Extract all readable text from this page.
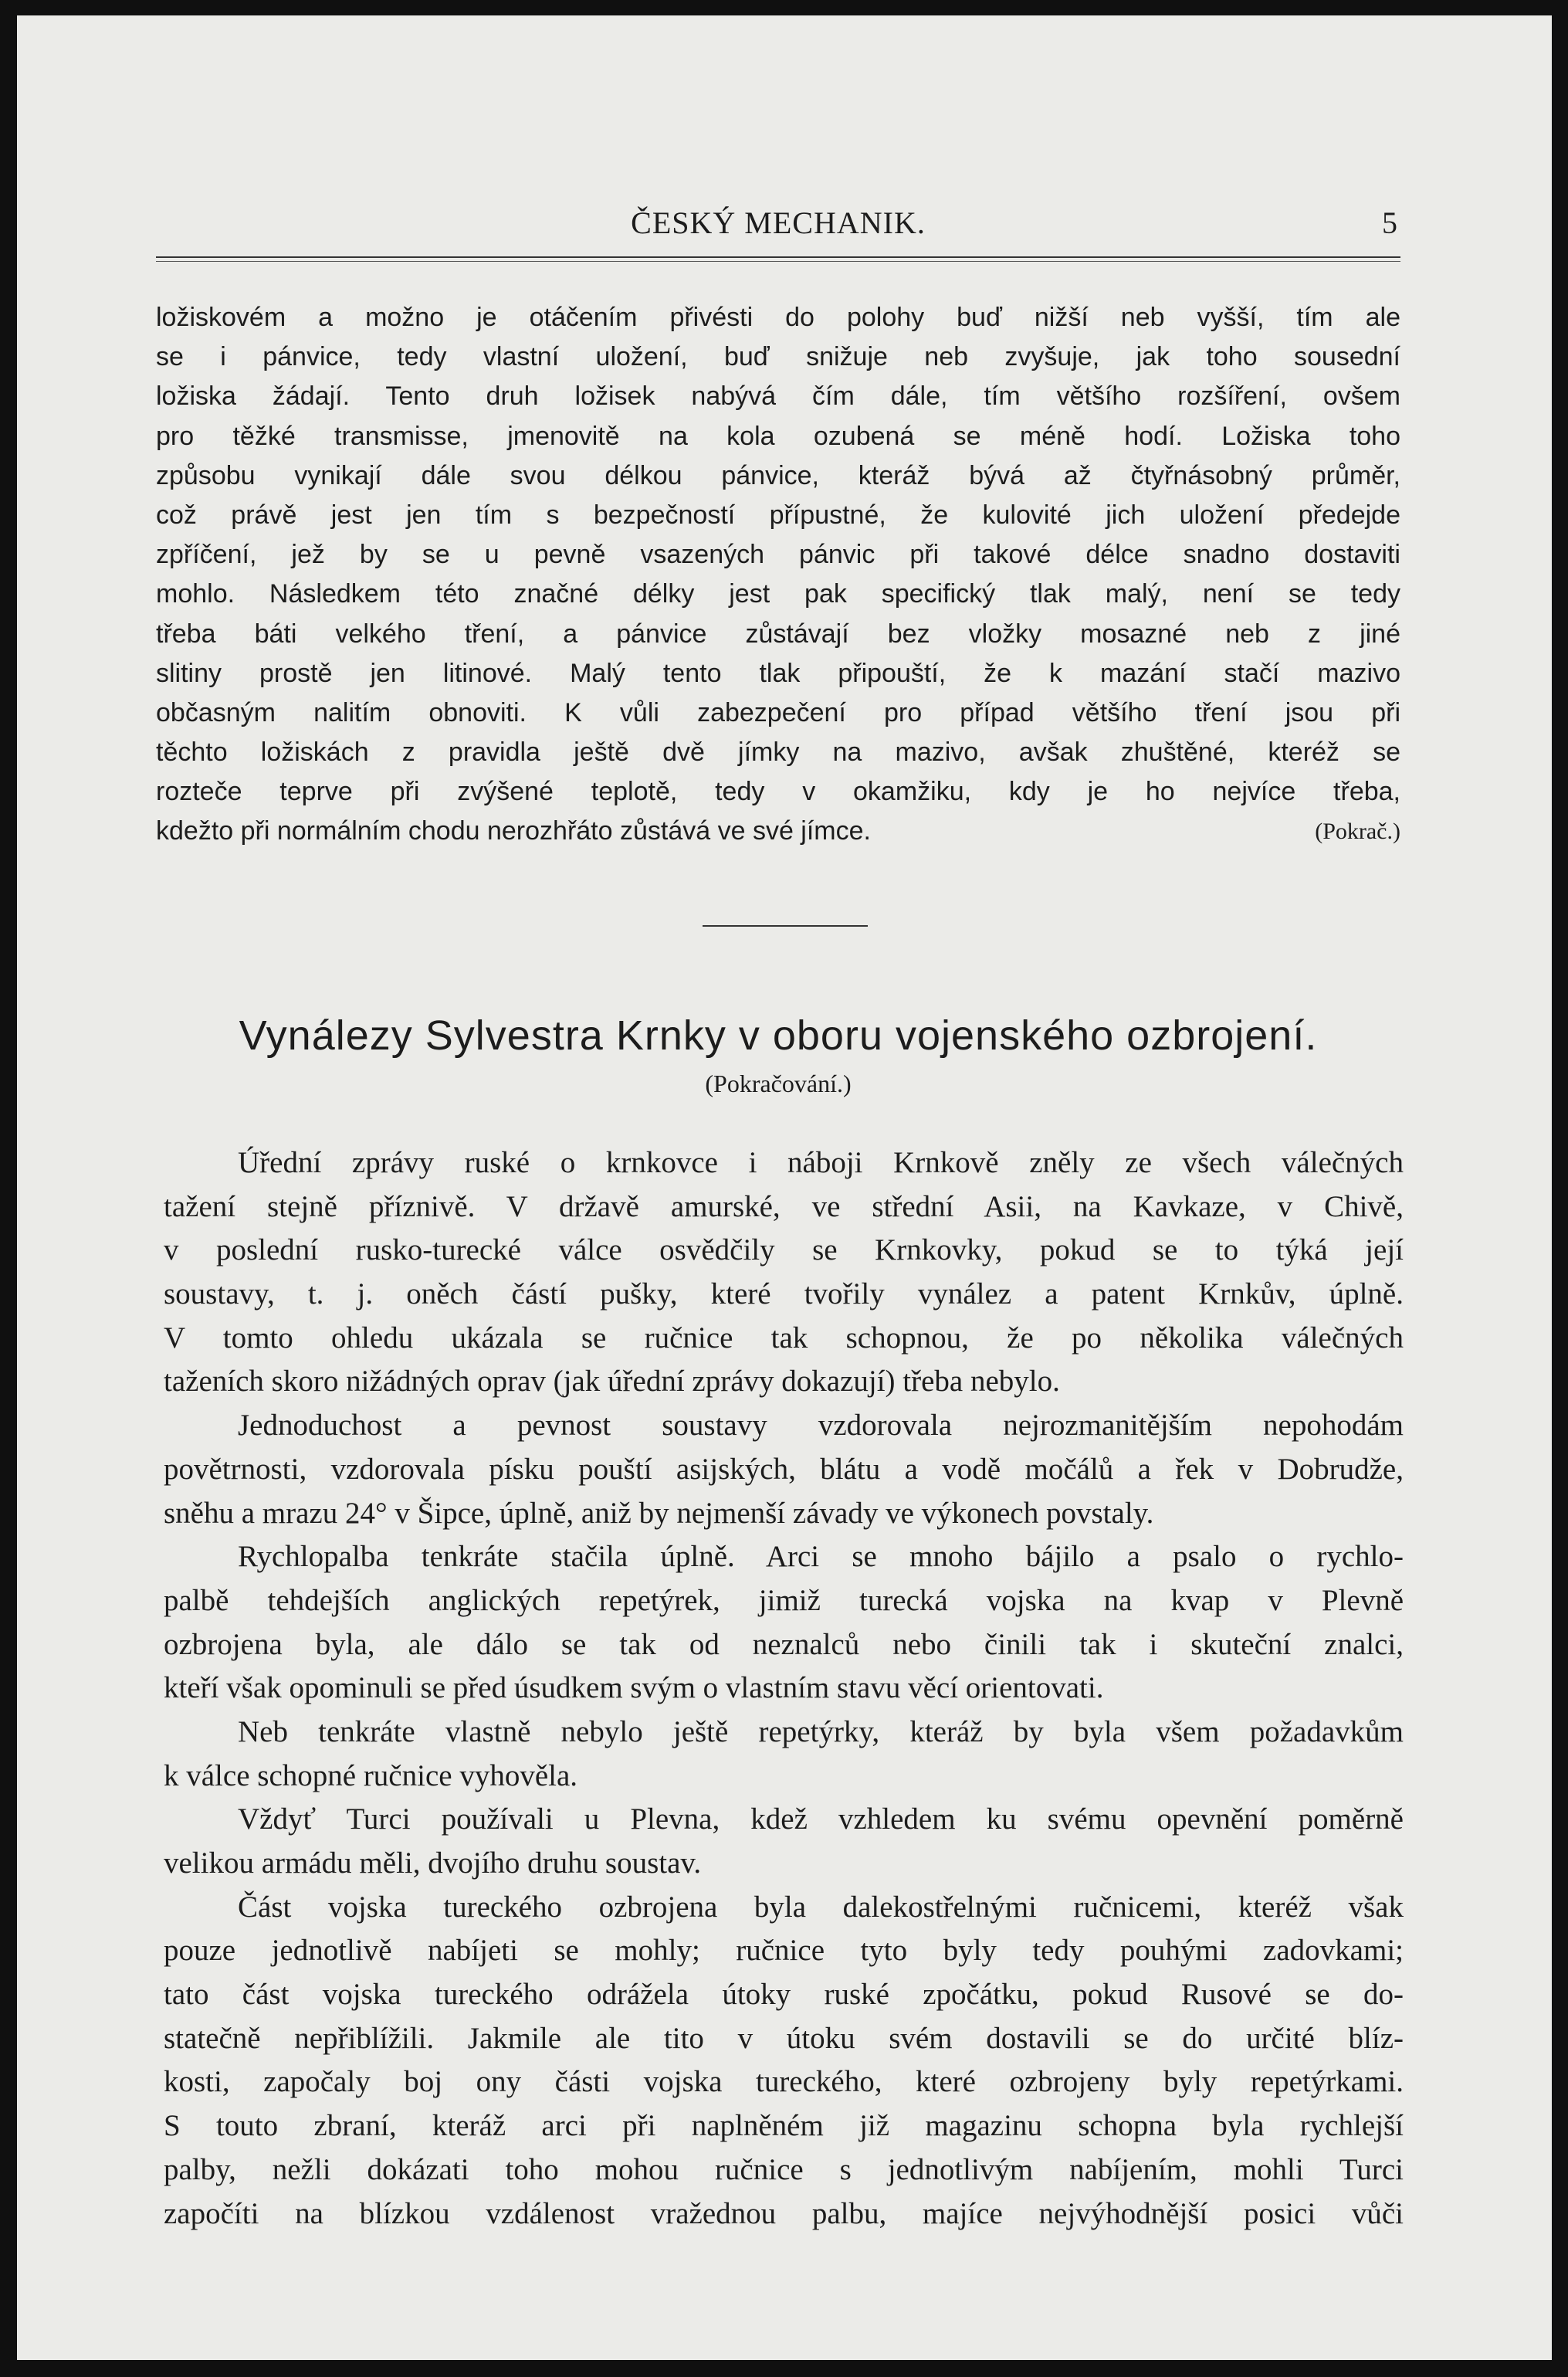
ČESKÝ MECHANIK.	5
ložiskovém a možno je otáčením přivésti do polohy buď nižší neb vyšší, tím ale
se i pánvice, tedy vlastní uložení, buď snižuje neb zvyšuje, jak toho sousední
ložiska žádají. Tento druh ložisek nabývá čím dále, tím většího rozšíření, ovšem
pro těžké transmisse, jmenovitě na kola ozubená se méně hodí. Ložiska toho
způsobu vynikají dále svou délkou pánvice, kteráž bývá až čtyřnásobný průměr,
což právě jest jen tím s bezpečností přípustné, že kulovité jich uložení předejde
zpříčení, jež by se u pevně vsazených pánvic při takové délce snadno dostaviti
mohlo. Následkem této značné délky jest pak specifický tlak malý, není se tedy
třeba báti velkého tření, a pánvice zůstávají bez vložky mosazné neb z jiné
slitiny prostě jen litinové. Malý tento tlak připouští, že k mazání stačí mazivo
občasným nalitím obnoviti. K vůli zabezpečení pro případ většího tření jsou při
těchto ložiskách z pravidla ještě dvě jímky na mazivo, avšak zhuštěné, kteréž se
rozteče teprve při zvýšené teplotě, tedy v okamžiku, kdy je ho nejvíce třeba,
kdežto při normálním chodu nerozhřáto zůstává ve své jímce.	(Pokrač.)
Vynálezy Sylvestra Krnky v oboru vojenského ozbrojení.
(Pokračování.)
Úřední zprávy ruské o krnkovce i náboji Krnkově zněly ze všech válečných
tažení stejně příznivě. V državě amurské, ve střední Asii, na Kavkaze, v Chivě,
v poslední rusko-turecké válce osvědčily se Krnkovky, pokud se to týká její
soustavy, t. j. oněch částí pušky, které tvořily vynález a patent Krnkův, úplně.
V tomto ohledu ukázala se ručnice tak schopnou, že po několika válečných
taženích skoro nižádných oprav (jak úřední zprávy dokazují) třeba nebylo.
Jednoduchost a pevnost soustavy vzdorovala nejrozmanitějším nepohodám
povětrnosti, vzdorovala písku pouští asijských, blátu a vodě močálů a řek v Dobrudže,
sněhu a mrazu 24° v Šipce, úplně, aniž by nejmenší závady ve výkonech povstaly.
Rychlopalba tenkráte stačila úplně. Arci se mnoho bájilo a psalo o rychlo-
palbě tehdejších anglických repetýrek, jimiž turecká vojska na kvap v Plevně
ozbrojena byla, ale dálo se tak od neznalců nebo činili tak i skuteční znalci,
kteří však opominuli se před úsudkem svým o vlastním stavu věcí orientovati.
Neb tenkráte vlastně nebylo ještě repetýrky, kteráž by byla všem požadavkům
k válce schopné ručnice vyhověla.
Vždyť Turci používali u Plevna, kdež vzhledem ku svému opevnění poměrně
velikou armádu měli, dvojího druhu soustav.
Část vojska tureckého ozbrojena byla dalekostřelnými ručnicemi, kteréž však
pouze jednotlivě nabíjeti se mohly; ručnice tyto byly tedy pouhými zadovkami;
tato část vojska tureckého odrážela útoky ruské zpočátku, pokud Rusové se do-
statečně nepřiblížili. Jakmile ale tito v útoku svém dostavili se do určité blíz-
kosti, započaly boj ony části vojska tureckého, které ozbrojeny byly repetýrkami.
S touto zbraní, kteráž arci při naplněném již magazinu schopna byla rychlejší
palby, nežli dokázati toho mohou ručnice s jednotlivým nabíjením, mohli Turci
započíti na blízkou vzdálenost vražednou palbu, majíce nejvýhodnější posici vůči
